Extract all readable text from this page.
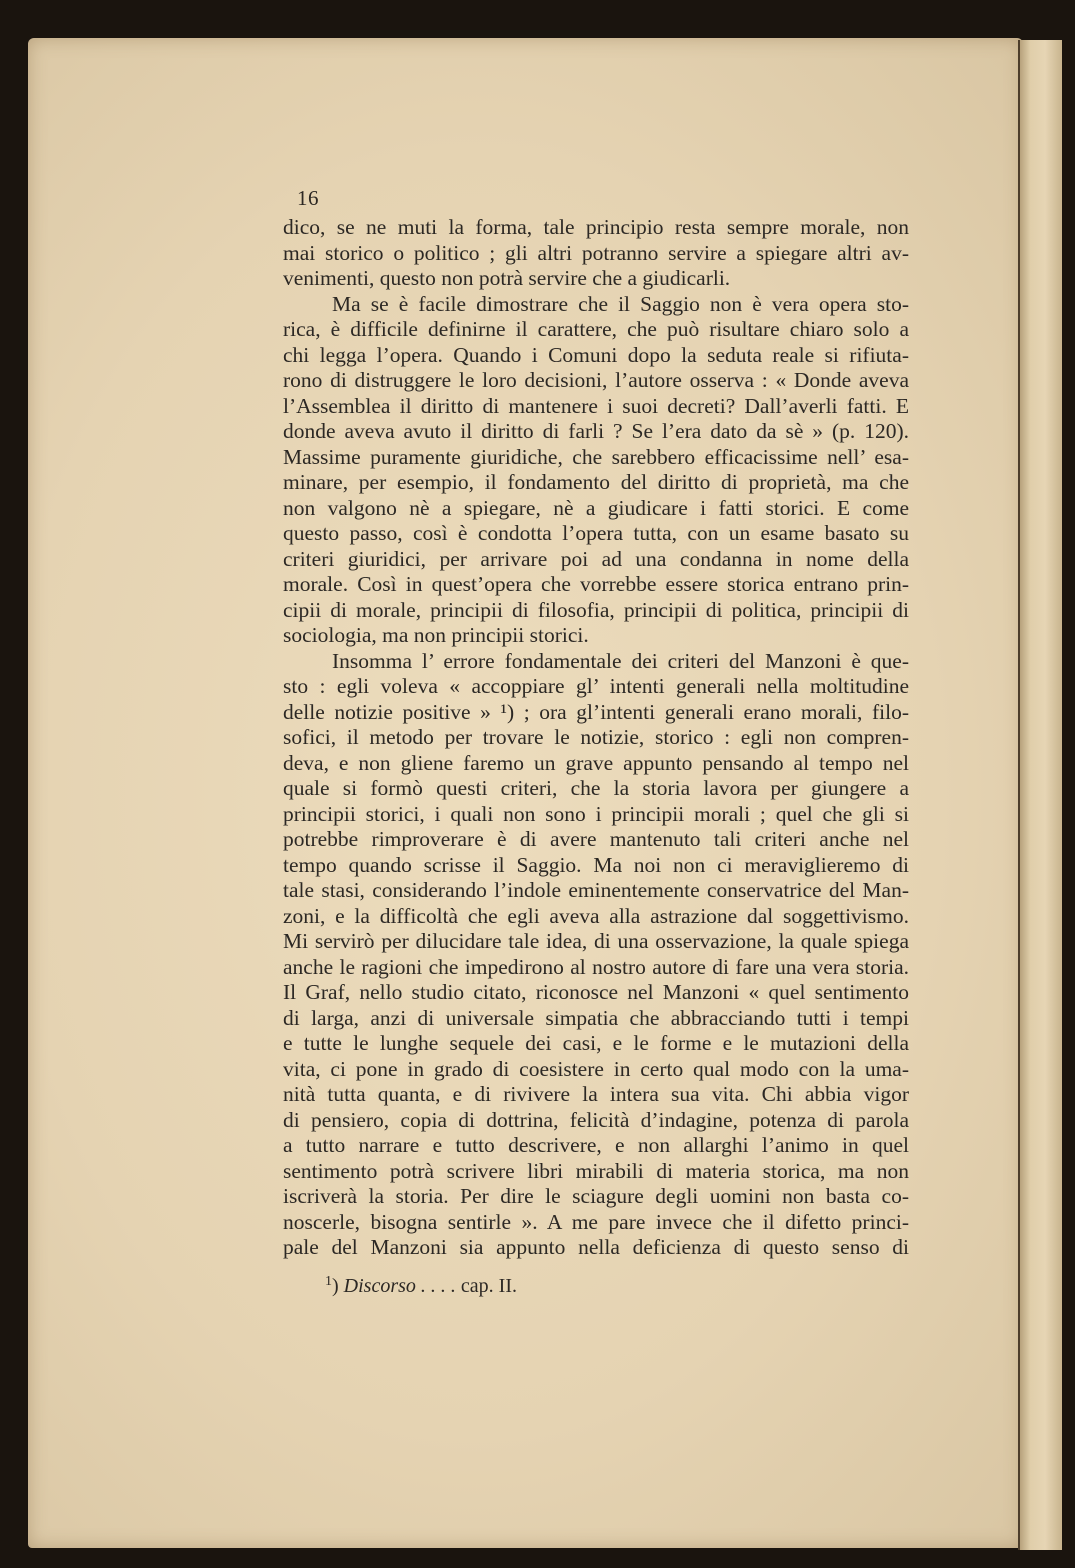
16
dico, se ne muti la forma, tale principio resta sempre morale, non
mai storico o politico ; gli altri potranno servire a spiegare altri av-
venimenti, questo non potrà servire che a giudicarli.
Ma se è facile dimostrare che il Saggio non è vera opera sto-
rica, è difficile definirne il carattere, che può risultare chiaro solo a
chi legga l’opera. Quando i Comuni dopo la seduta reale si rifiuta-
rono di distruggere le loro decisioni, l’autore osserva : « Donde aveva
l’Assemblea il diritto di mantenere i suoi decreti? Dall’averli fatti. E
donde aveva avuto il diritto di farli ? Se l’era dato da sè » (p. 120).
Massime puramente giuridiche, che sarebbero efficacissime nell’ esa-
minare, per esempio, il fondamento del diritto di proprietà, ma che
non valgono nè a spiegare, nè a giudicare i fatti storici. E come
questo passo, così è condotta l’opera tutta, con un esame basato su
criteri giuridici, per arrivare poi ad una condanna in nome della
morale. Così in quest’opera che vorrebbe essere storica entrano prin-
cipii di morale, principii di filosofia, principii di politica, principii di
sociologia, ma non principii storici.
Insomma l’ errore fondamentale dei criteri del Manzoni è que-
sto : egli voleva « accoppiare gl’ intenti generali nella moltitudine
delle notizie positive » ¹) ; ora gl’intenti generali erano morali, filo-
sofici, il metodo per trovare le notizie, storico : egli non compren-
deva, e non gliene faremo un grave appunto pensando al tempo nel
quale si formò questi criteri, che la storia lavora per giungere a
principii storici, i quali non sono i principii morali ; quel che gli si
potrebbe rimproverare è di avere mantenuto tali criteri anche nel
tempo quando scrisse il Saggio. Ma noi non ci meraviglieremo di
tale stasi, considerando l’indole eminentemente conservatrice del Man-
zoni, e la difficoltà che egli aveva alla astrazione dal soggettivismo.
Mi servirò per dilucidare tale idea, di una osservazione, la quale spiega
anche le ragioni che impedirono al nostro autore di fare una vera storia.
Il Graf, nello studio citato, riconosce nel Manzoni « quel sentimento
di larga, anzi di universale simpatia che abbracciando tutti i tempi
e tutte le lunghe sequele dei casi, e le forme e le mutazioni della
vita, ci pone in grado di coesistere in certo qual modo con la uma-
nità tutta quanta, e di rivivere la intera sua vita. Chi abbia vigor
di pensiero, copia di dottrina, felicità d’indagine, potenza di parola
a tutto narrare e tutto descrivere, e non allarghi l’animo in quel
sentimento potrà scrivere libri mirabili di materia storica, ma non
iscriverà la storia. Per dire le sciagure degli uomini non basta co-
noscerle, bisogna sentirle ». A me pare invece che il difetto princi-
pale del Manzoni sia appunto nella deficienza di questo senso di
$^1$) Discorso . . . . cap. II.
